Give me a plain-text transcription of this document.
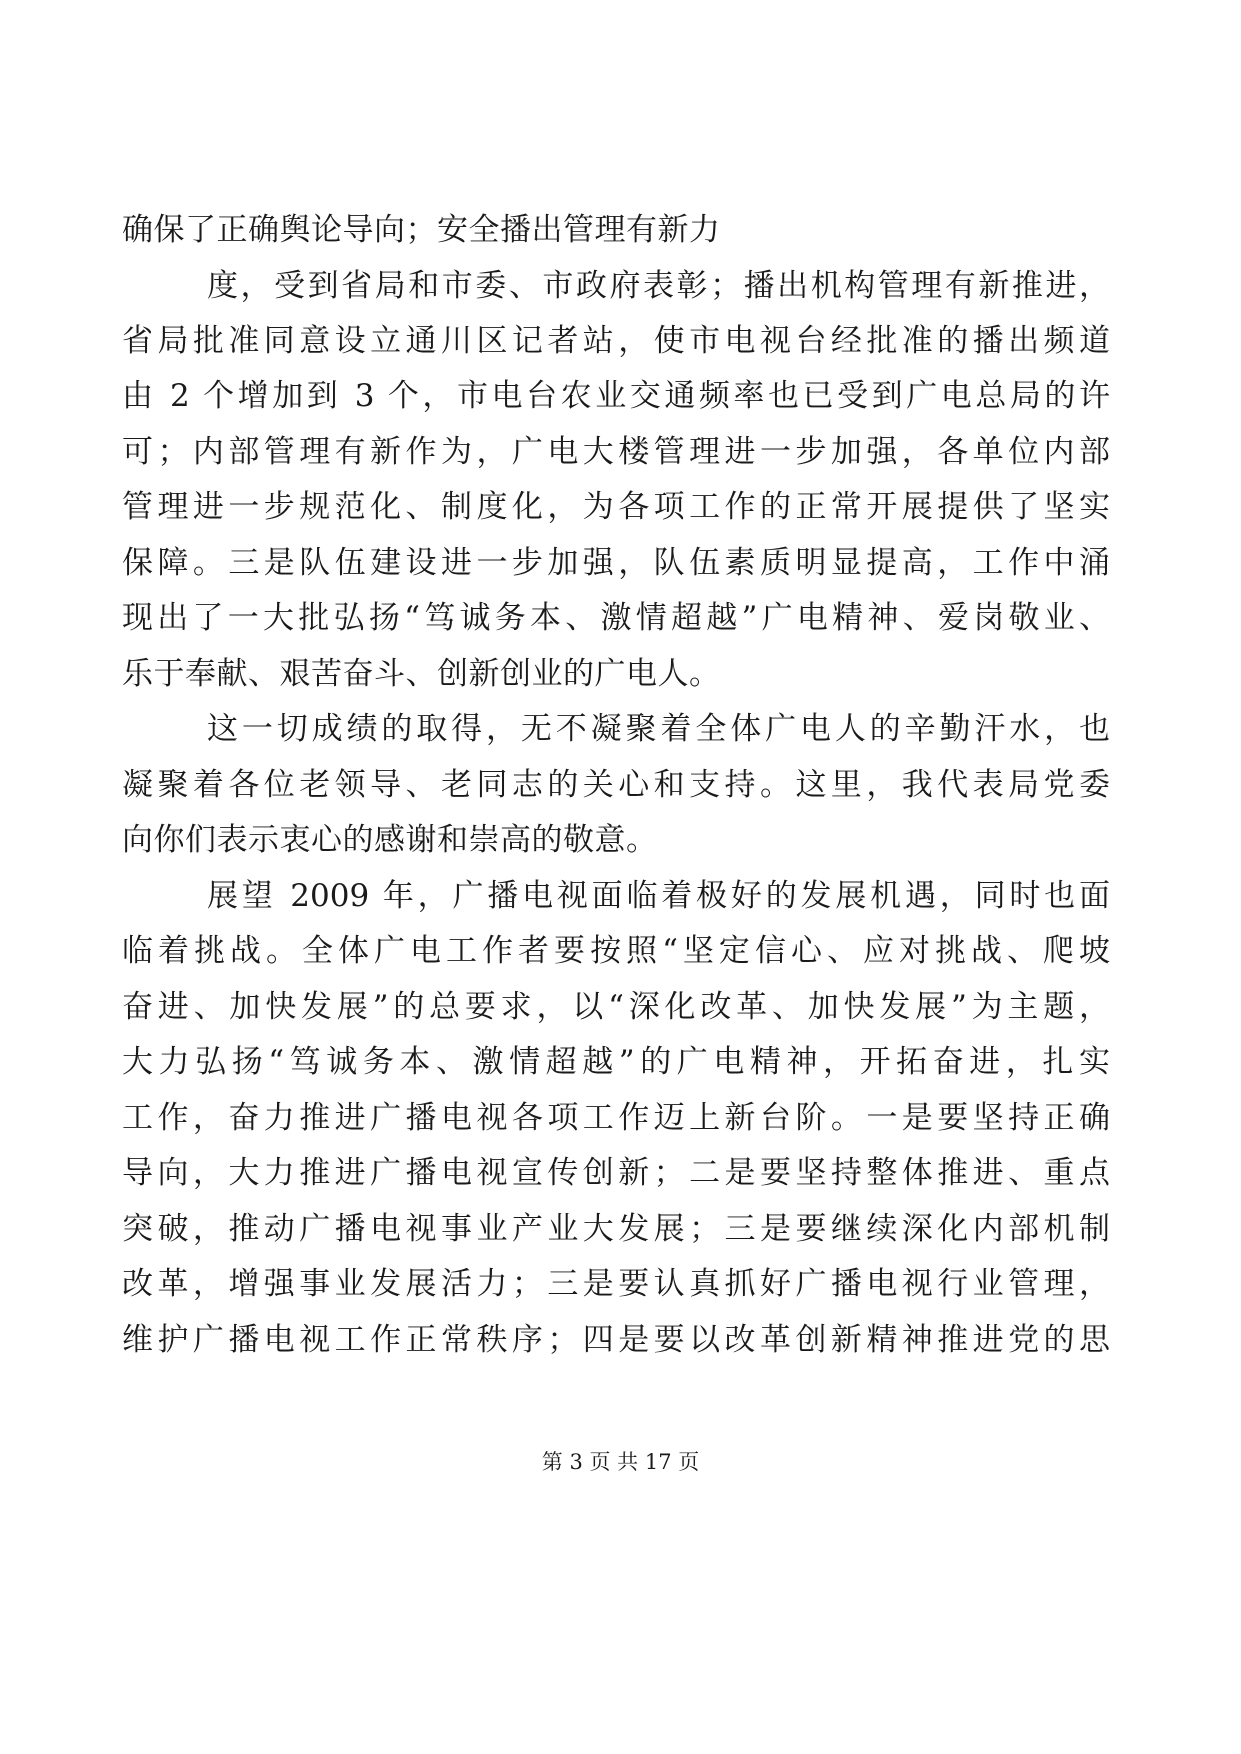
确保了正确舆论导向；安全播出管理有新力
度，受到省局和市委、市政府表彰；播出机构管理有新推进，
省局批准同意设立通川区记者站，使市电视台经批准的播出频道
由 2 个增加到 3 个，市电台农业交通频率也已受到广电总局的许
可；内部管理有新作为，广电大楼管理进一步加强，各单位内部
管理进一步规范化、制度化，为各项工作的正常开展提供了坚实
保障。三是队伍建设进一步加强，队伍素质明显提高，工作中涌
现出了一大批弘扬“笃诚务本、激情超越”广电精神、爱岗敬业、
乐于奉献、艰苦奋斗、创新创业的广电人。
这一切成绩的取得，无不凝聚着全体广电人的辛勤汗水，也
凝聚着各位老领导、老同志的关心和支持。这里，我代表局党委
向你们表示衷心的感谢和崇高的敬意。
展望 2009 年，广播电视面临着极好的发展机遇，同时也面
临着挑战。全体广电工作者要按照“坚定信心、应对挑战、爬坡
奋进、加快发展”的总要求，以“深化改革、加快发展”为主题，
大力弘扬“笃诚务本、激情超越”的广电精神，开拓奋进，扎实
工作，奋力推进广播电视各项工作迈上新台阶。一是要坚持正确
导向，大力推进广播电视宣传创新；二是要坚持整体推进、重点
突破，推动广播电视事业产业大发展；三是要继续深化内部机制
改革，增强事业发展活力；三是要认真抓好广播电视行业管理，
维护广播电视工作正常秩序；四是要以改革创新精神推进党的思
第 3 页 共 17 页
